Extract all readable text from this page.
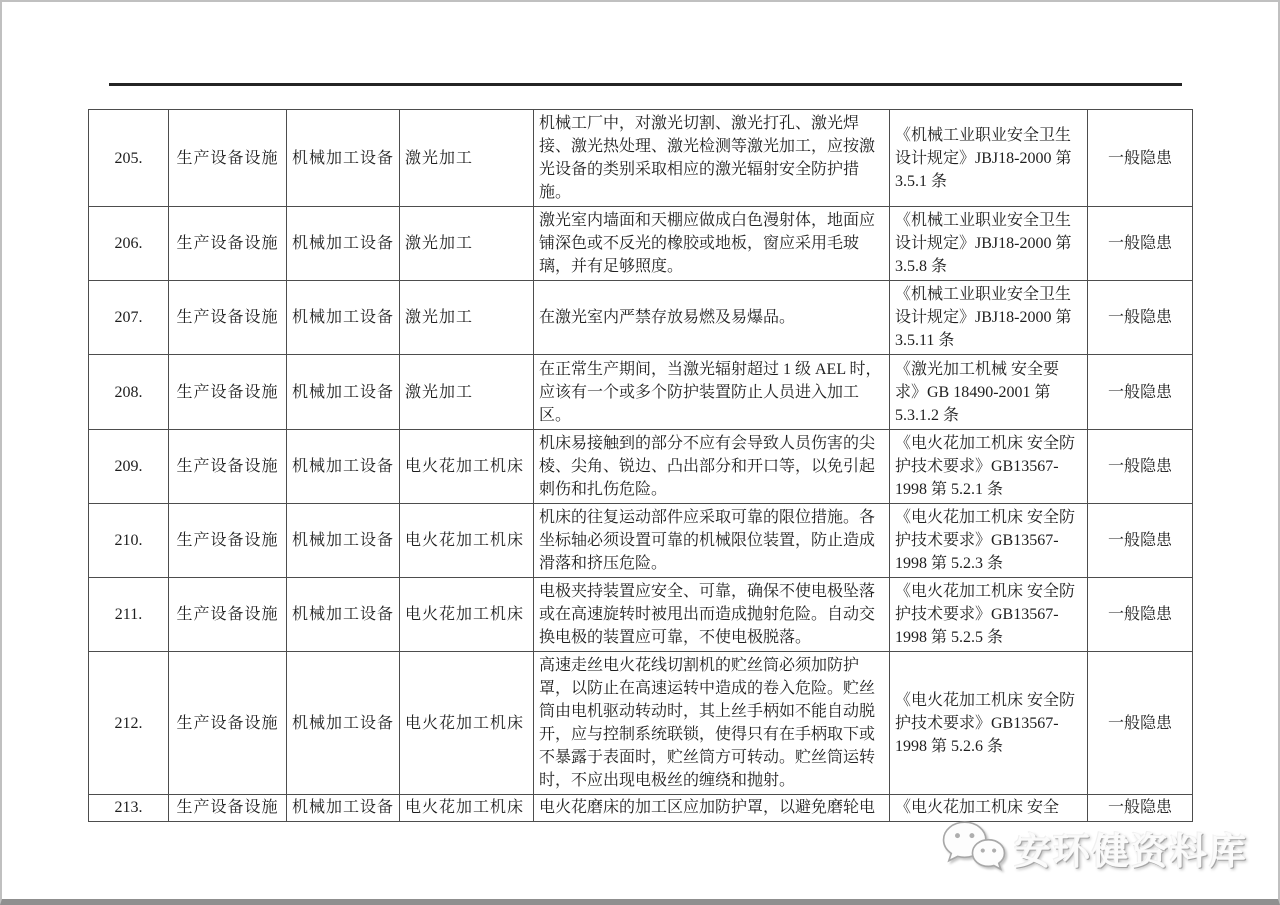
205.	生产设备设施	机械加工设备	激光加工	机械工厂中，对激光切割、激光打孔、激光焊接、激光热处理、激光检测等激光加工，应按激光设备的类别采取相应的激光辐射安全防护措施。	《机械工业职业安全卫生设计规定》JBJ18-2000 第 3.5.1 条	一般隐患
206.	生产设备设施	机械加工设备	激光加工	激光室内墙面和天棚应做成白色漫射体，地面应铺深色或不反光的橡胶或地板，窗应采用毛玻璃，并有足够照度。	《机械工业职业安全卫生设计规定》JBJ18-2000 第 3.5.8 条	一般隐患
207.	生产设备设施	机械加工设备	激光加工	在激光室内严禁存放易燃及易爆品。	《机械工业职业安全卫生设计规定》JBJ18-2000 第 3.5.11 条	一般隐患
208.	生产设备设施	机械加工设备	激光加工	在正常生产期间，当激光辐射超过 1 级 AEL 时，应该有一个或多个防护装置防止人员进入加工区。	《激光加工机械 安全要求》GB 18490-2001 第 5.3.1.2 条	一般隐患
209.	生产设备设施	机械加工设备	电火花加工机床	机床易接触到的部分不应有会导致人员伤害的尖棱、尖角、锐边、凸出部分和开口等，以免引起刺伤和扎伤危险。	《电火花加工机床 安全防护技术要求》GB13567-1998 第 5.2.1 条	一般隐患
210.	生产设备设施	机械加工设备	电火花加工机床	机床的往复运动部件应采取可靠的限位措施。各坐标轴必须设置可靠的机械限位装置，防止造成滑落和挤压危险。	《电火花加工机床 安全防护技术要求》GB13567-1998 第 5.2.3 条	一般隐患
211.	生产设备设施	机械加工设备	电火花加工机床	电极夹持装置应安全、可靠，确保不使电极坠落或在高速旋转时被甩出而造成抛射危险。自动交换电极的装置应可靠，不使电极脱落。	《电火花加工机床 安全防护技术要求》GB13567-1998 第 5.2.5 条	一般隐患
212.	生产设备设施	机械加工设备	电火花加工机床	高速走丝电火花线切割机的贮丝筒必须加防护罩，以防止在高速运转中造成的卷入危险。贮丝筒由电机驱动转动时，其上丝手柄如不能自动脱开，应与控制系统联锁，使得只有在手柄取下或不暴露于表面时，贮丝筒方可转动。贮丝筒运转时，不应出现电极丝的缠绕和抛射。	《电火花加工机床 安全防护技术要求》GB13567-1998 第 5.2.6 条	一般隐患
213.	生产设备设施	机械加工设备	电火花加工机床	电火花磨床的加工区应加防护罩，以避免磨轮电	《电火花加工机床 安全	一般隐患
安环健资料库
